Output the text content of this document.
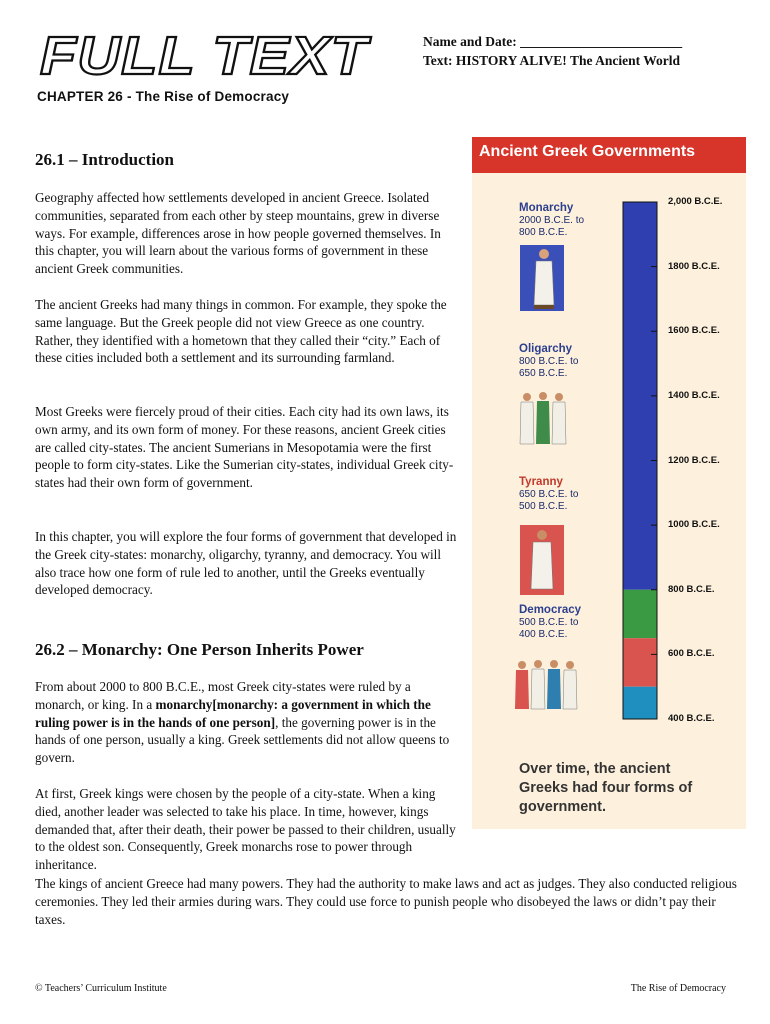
FULL TEXT
CHAPTER 26 - The Rise of Democracy
Name and Date: ________________________
Text: HISTORY ALIVE! The Ancient World
26.1 – Introduction

Geography affected how settlements developed in ancient Greece. Isolated communities, separated from each other by steep mountains, grew in diverse ways. For example, differences arose in how people governed themselves. In this chapter, you will learn about the various forms of government in these ancient Greek communities.

The ancient Greeks had many things in common. For example, they spoke the same language. But the Greek people did not view Greece as one country. Rather, they identified with a hometown that they called their “city.” Each of these cities included both a settlement and its surrounding farmland.

Most Greeks were fiercely proud of their cities. Each city had its own laws, its own army, and its own form of money. For these reasons, ancient Greek cities are called city-states. The ancient Sumerians in Mesopotamia were the first people to form city-states. Like the Sumerian city-states, individual Greek city-states had their own form of government.

In this chapter, you will explore the four forms of government that developed in the Greek city-states: monarchy, oligarchy, tyranny, and democracy. You will also trace how one form of rule led to another, until the Greeks eventually developed democracy.

26.2 – Monarchy: One Person Inherits Power

From about 2000 to 800 B.C.E., most Greek city-states were ruled by a monarch, or king. In a monarchy[monarchy: a government in which the ruling power is in the hands of one person], the governing power is in the hands of one person, usually a king. Greek settlements did not allow queens to govern.

At first, Greek kings were chosen by the people of a city-state. When a king died, another leader was selected to take his place. In time, however, kings demanded that, after their death, their power be passed to their children, usually to the oldest son. Consequently, Greek monarchs rose to power through inheritance.

The kings of ancient Greece had many powers. They had the authority to make laws and act as judges. They also conducted religious ceremonies. They led their armies during wars. They could use force to punish people who disobeyed the laws or didn’t pay their taxes.

Ancient Greek Governments
Monarchy
2000 B.C.E. to 800 B.C.E.
Oligarchy
800 B.C.E. to 650 B.C.E.
Tyranny
650 B.C.E. to 500 B.C.E.
Democracy
500 B.C.E. to 400 B.C.E.
Over time, the ancient Greeks had four forms of government.
© Teachers’ Curriculum Institute	The Rise of Democracy
2,000 B.C.E.
1800 B.C.E.
1600 B.C.E.
1400 B.C.E.
1200 B.C.E.
1000 B.C.E.
800 B.C.E.
600 B.C.E.
400 B.C.E.
